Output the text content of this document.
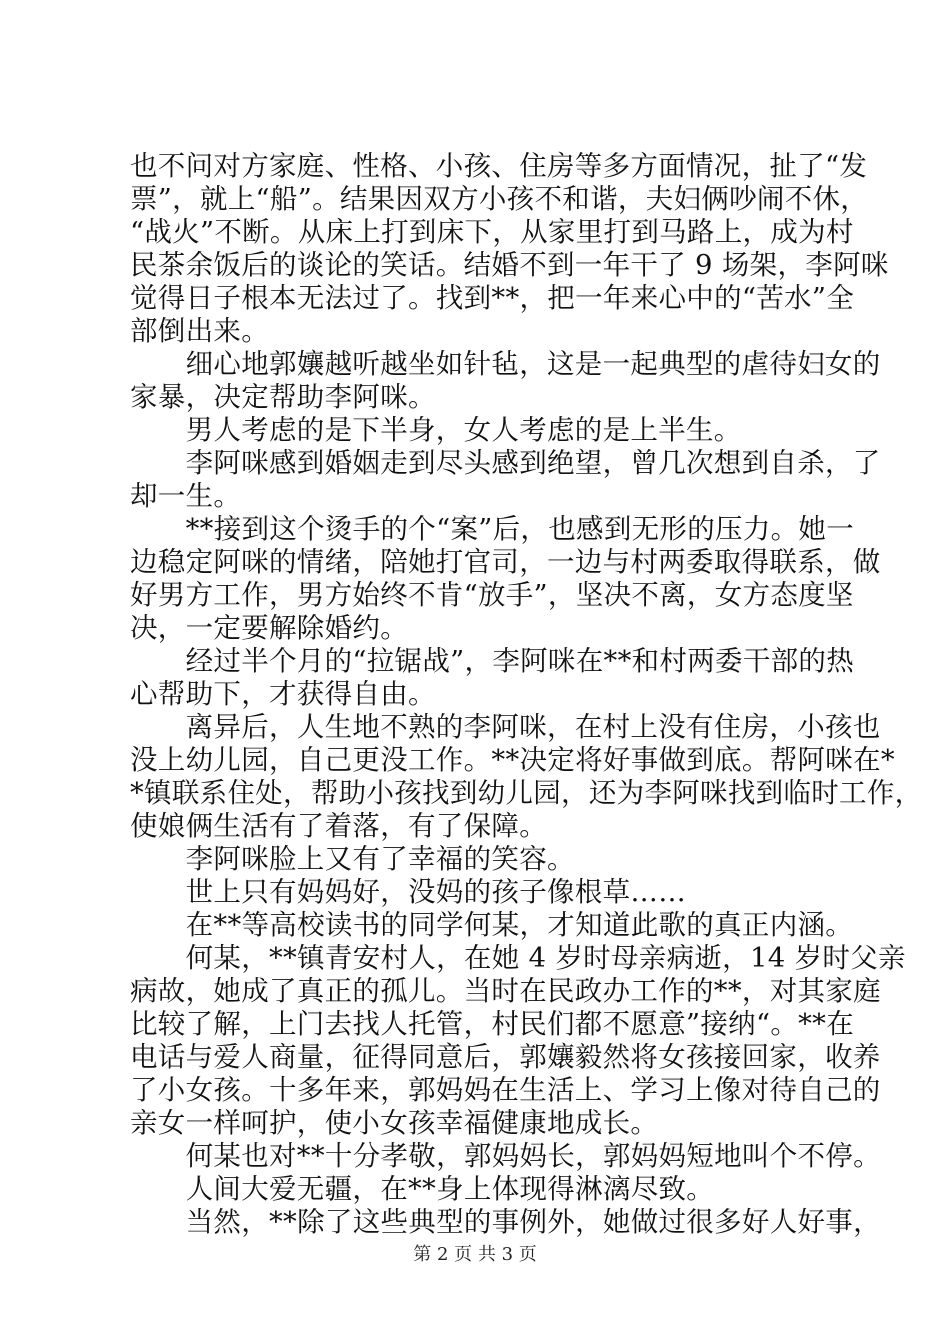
也不问对方家庭、性格、小孩、住房等多方面情况，扯了“发
票”，就上“船”。结果因双方小孩不和谐，夫妇俩吵闹不休，
“战火”不断。从床上打到床下，从家里打到马路上，成为村
民茶余饭后的谈论的笑话。结婚不到一年干了 9 场架，李阿咪
觉得日子根本无法过了。找到**，把一年来心中的“苦水”全
部倒出来。
　　细心地郭孃越听越坐如针毡，这是一起典型的虐待妇女的
家暴，决定帮助李阿咪。
　　男人考虑的是下半身，女人考虑的是上半生。
　　李阿咪感到婚姻走到尽头感到绝望，曾几次想到自杀，了
却一生。
　　**接到这个烫手的个“案”后，也感到无形的压力。她一
边稳定阿咪的情绪，陪她打官司，一边与村两委取得联系，做
好男方工作，男方始终不肯“放手”，坚决不离，女方态度坚
决，一定要解除婚约。
　　经过半个月的“拉锯战”，李阿咪在**和村两委干部的热
心帮助下，才获得自由。
　　离异后，人生地不熟的李阿咪，在村上没有住房，小孩也
没上幼儿园，自己更没工作。**决定将好事做到底。帮阿咪在*
*镇联系住处，帮助小孩找到幼儿园，还为李阿咪找到临时工作，
使娘俩生活有了着落，有了保障。
　　李阿咪脸上又有了幸福的笑容。
　　世上只有妈妈好，没妈的孩子像根草……
　　在**等高校读书的同学何某，才知道此歌的真正内涵。
　　何某，**镇青安村人，在她 4 岁时母亲病逝，14 岁时父亲
病故，她成了真正的孤儿。当时在民政办工作的**，对其家庭
比较了解，上门去找人托管，村民们都不愿意”接纳“。**在
电话与爱人商量，征得同意后，郭孃毅然将女孩接回家，收养
了小女孩。十多年来，郭妈妈在生活上、学习上像对待自己的
亲女一样呵护，使小女孩幸福健康地成长。
　　何某也对**十分孝敬，郭妈妈长，郭妈妈短地叫个不停。
　　人间大爱无疆，在**身上体现得淋漓尽致。
　　当然，**除了这些典型的事例外，她做过很多好人好事，
第 2 页 共 3 页
